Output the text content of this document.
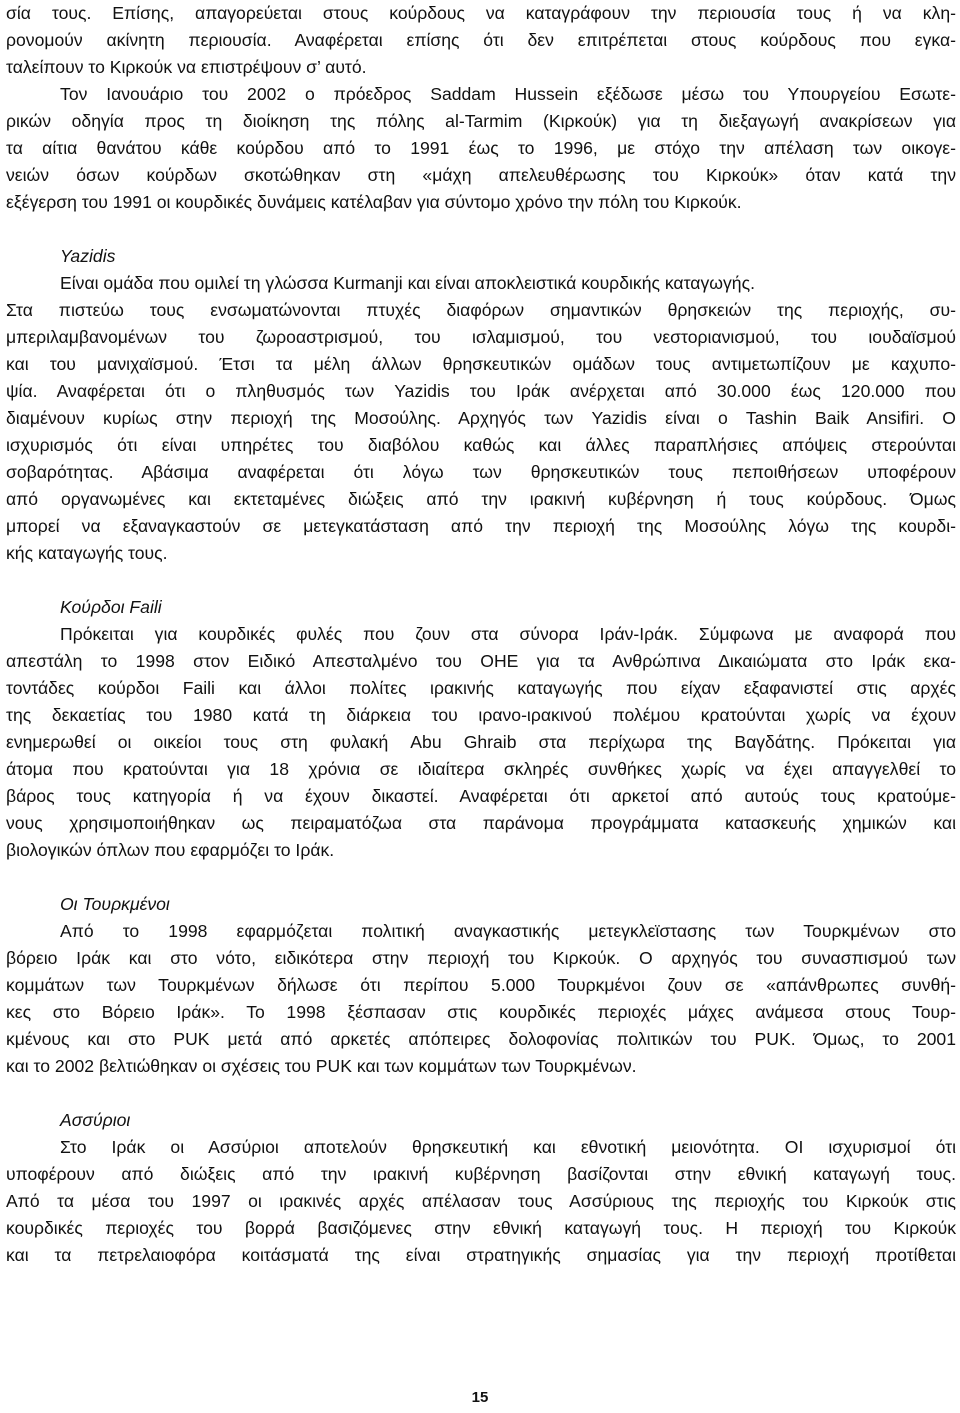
σία τους. Επίσης, απαγορεύεται στους κούρδους να καταγράφουν την περιουσία τους ή να κλη-
ρονομούν ακίνητη περιουσία. Αναφέρεται επίσης ότι δεν επιτρέπεται στους κούρδους που εγκα-
ταλείπουν το Κιρκούκ να επιστρέψουν σ’ αυτό.
Τον Ιανουάριο του 2002 ο πρόεδρος Saddam Hussein εξέδωσε μέσω του Υπουργείου Εσωτε-
ρικών οδηγία προς τη διοίκηση της πόλης al-Tarmim (Κιρκούκ) για τη διεξαγωγή ανακρίσεων για
τα αίτια θανάτου κάθε κούρδου από το 1991 έως το 1996, με στόχο την απέλαση των οικογε-
νειών όσων κούρδων σκοτώθηκαν στη «μάχη απελευθέρωσης του Κιρκούκ» όταν κατά την
εξέγερση του 1991 οι κουρδικές δυνάμεις κατέλαβαν για σύντομο χρόνο την πόλη του Κιρκούκ.
Yazidis
Είναι ομάδα που ομιλεί τη γλώσσα Kurmanji και είναι αποκλειστικά κουρδικής καταγωγής.
Στα πιστεύω τους ενσωματώνονται πτυχές διαφόρων σημαντικών θρησκειών της περιοχής, συ-
μπεριλαμβανομένων του ζωροαστρισμού, του ισλαμισμού, του νεστοριανισμού, του ιουδαϊσμού
και του μανιχαϊσμού. Έτσι τα μέλη άλλων θρησκευτικών ομάδων τους αντιμετωπίζουν με καχυπο-
ψία. Αναφέρεται ότι ο πληθυσμός των Yazidis του Ιράκ ανέρχεται από 30.000 έως 120.000 που
διαμένουν κυρίως στην περιοχή της Μοσούλης. Αρχηγός των Yazidis είναι ο Tashin Baik Ansifiri. Ο
ισχυρισμός ότι είναι υπηρέτες του διαβόλου καθώς και άλλες παραπλήσιες απόψεις στερούνται
σοβαρότητας. Αβάσιμα αναφέρεται ότι λόγω των θρησκευτικών τους πεποιθήσεων υποφέρουν
από οργανωμένες και εκτεταμένες διώξεις από την ιρακινή κυβέρνηση ή τους κούρδους. Όμως
μπορεί να εξαναγκαστούν σε μετεγκατάσταση από την περιοχή της Μοσούλης λόγω της κουρδι-
κής καταγωγής τους.
Κούρδοι Faili
Πρόκειται για κουρδικές φυλές που ζουν στα σύνορα Ιράν-Ιράκ. Σύμφωνα με αναφορά που
απεστάλη το 1998 στον Ειδικό Απεσταλμένο του ΟΗΕ για τα Ανθρώπινα Δικαιώματα στο Ιράκ εκα-
τοντάδες κούρδοι Faili και άλλοι πολίτες ιρακινής καταγωγής που είχαν εξαφανιστεί στις αρχές
της δεκαετίας του 1980 κατά τη διάρκεια του ιρανο-ιρακινού πολέμου κρατούνται χωρίς να έχουν
ενημερωθεί οι οικείοι τους στη φυλακή Abu Ghraib στα περίχωρα της Βαγδάτης. Πρόκειται για
άτομα που κρατούνται για 18 χρόνια σε ιδιαίτερα σκληρές συνθήκες χωρίς να έχει απαγγελθεί το
βάρος τους κατηγορία ή να έχουν δικαστεί. Αναφέρεται ότι αρκετοί από αυτούς τους κρατούμε-
νους χρησιμοποιήθηκαν ως πειραματόζωα στα παράνομα προγράμματα κατασκευής χημικών και
βιολογικών όπλων που εφαρμόζει το Ιράκ.
Οι Τουρκμένοι
Από το 1998 εφαρμόζεται πολιτική αναγκαστικής μετεγκλεϊστασης των Τουρκμένων στο
βόρειο Ιράκ και στο νότο, ειδικότερα στην περιοχή του Κιρκούκ. Ο αρχηγός του συνασπισμού των
κομμάτων των Τουρκμένων δήλωσε ότι περίπου 5.000 Τουρκμένοι ζουν σε «απάνθρωπες συνθή-
κες στο Βόρειο Ιράκ». Το 1998 ξέσπασαν στις κουρδικές περιοχές μάχες ανάμεσα στους Τουρ-
κμένους και στο PUK μετά από αρκετές απόπειρες δολοφονίας πολιτικών του PUK. Όμως, το 2001
και το 2002 βελτιώθηκαν οι σχέσεις του PUK και των κομμάτων των Τουρκμένων.
Ασσύριοι
Στο Ιράκ οι Ασσύριοι αποτελούν θρησκευτική και εθνοτική μειονότητα. ΟΙ ισχυρισμοί ότι
υποφέρουν από διώξεις από την ιρακινή κυβέρνηση βασίζονται στην εθνική καταγωγή τους.
Από τα μέσα του 1997 οι ιρακινές αρχές απέλασαν τους Ασσύριους της περιοχής του Κιρκούκ στις
κουρδικές περιοχές του βορρά βασιζόμενες στην εθνική καταγωγή τους. Η περιοχή του Κιρκούκ
και τα πετρελαιοφόρα κοιτάσματά της είναι στρατηγικής σημασίας για την περιοχή προτίθεται
15
